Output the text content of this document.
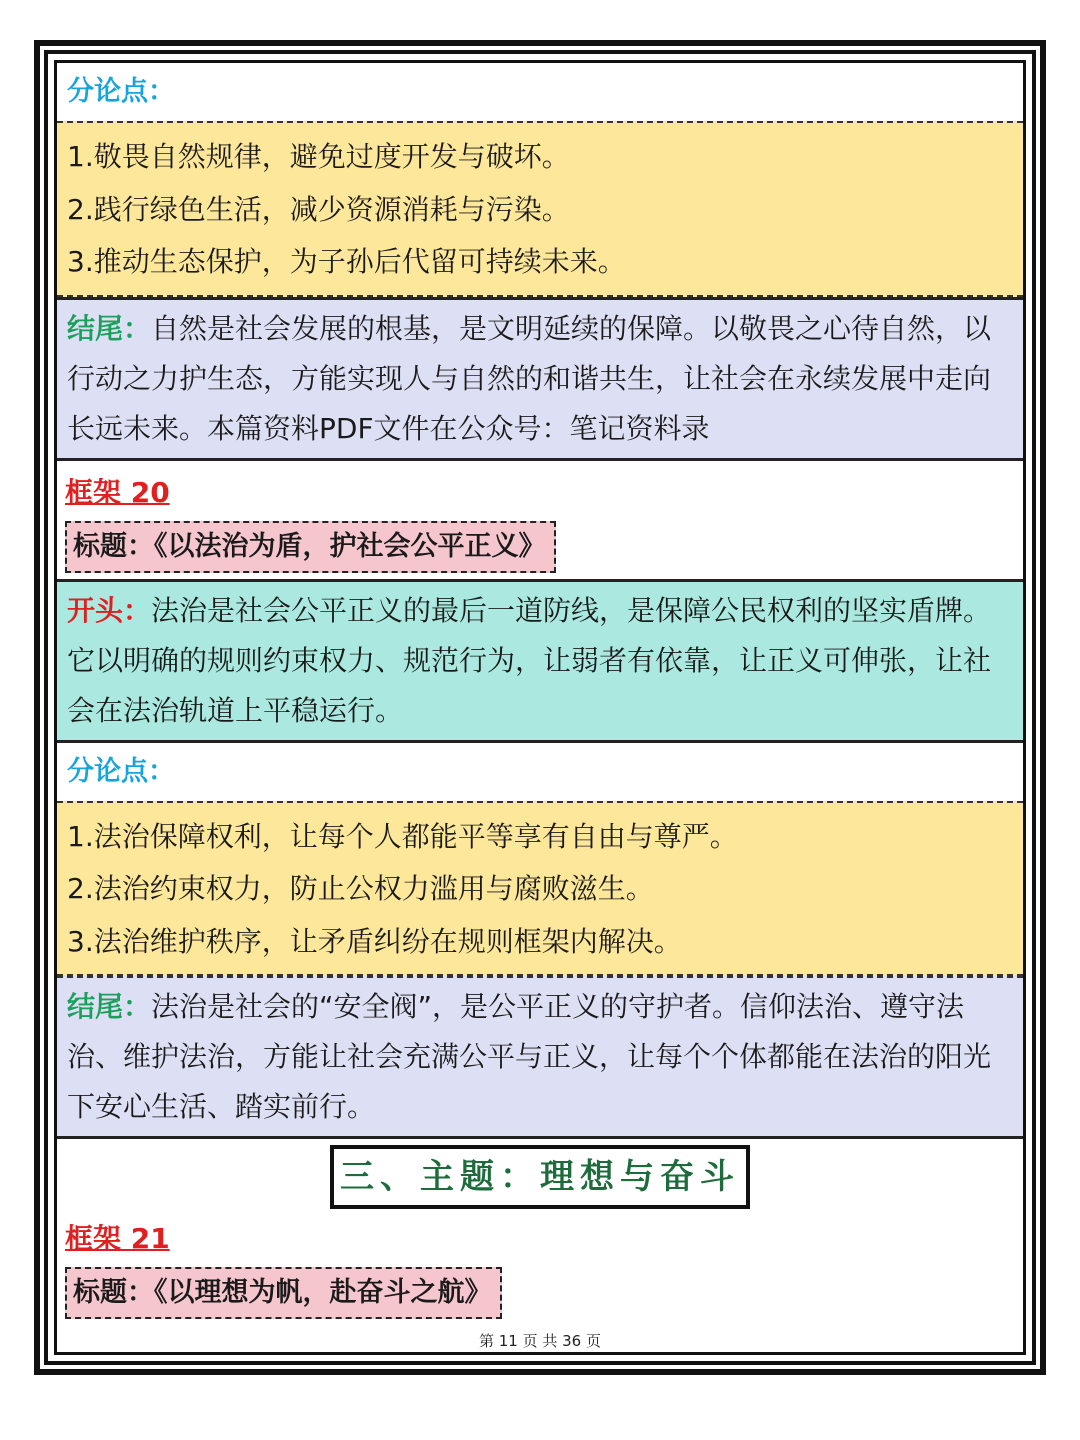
分论点：
1.敬畏自然规律，避免过度开发与破坏。
2.践行绿色生活，减少资源消耗与污染。
3.推动生态保护，为子孙后代留可持续未来。
结尾：自然是社会发展的根基，是文明延续的保障。以敬畏之心待自然，以行动之力护生态，方能实现人与自然的和谐共生，让社会在永续发展中走向长远未来。本篇资料PDF文件在公众号：笔记资料录
框架 20
标题：《以法治为盾，护社会公平正义》
开头：法治是社会公平正义的最后一道防线，是保障公民权利的坚实盾牌。它以明确的规则约束权力、规范行为，让弱者有依靠，让正义可伸张，让社会在法治轨道上平稳运行。
分论点：
1.法治保障权利，让每个人都能平等享有自由与尊严。
2.法治约束权力，防止公权力滥用与腐败滋生。
3.法治维护秩序，让矛盾纠纷在规则框架内解决。
结尾：法治是社会的“安全阀”，是公平正义的守护者。信仰法治、遵守法治、维护法治，方能让社会充满公平与正义，让每个个体都能在法治的阳光下安心生活、踏实前行。
三、主题：理想与奋斗
框架 21
标题：《以理想为帆，赴奋斗之航》
第 11 页 共 36 页
